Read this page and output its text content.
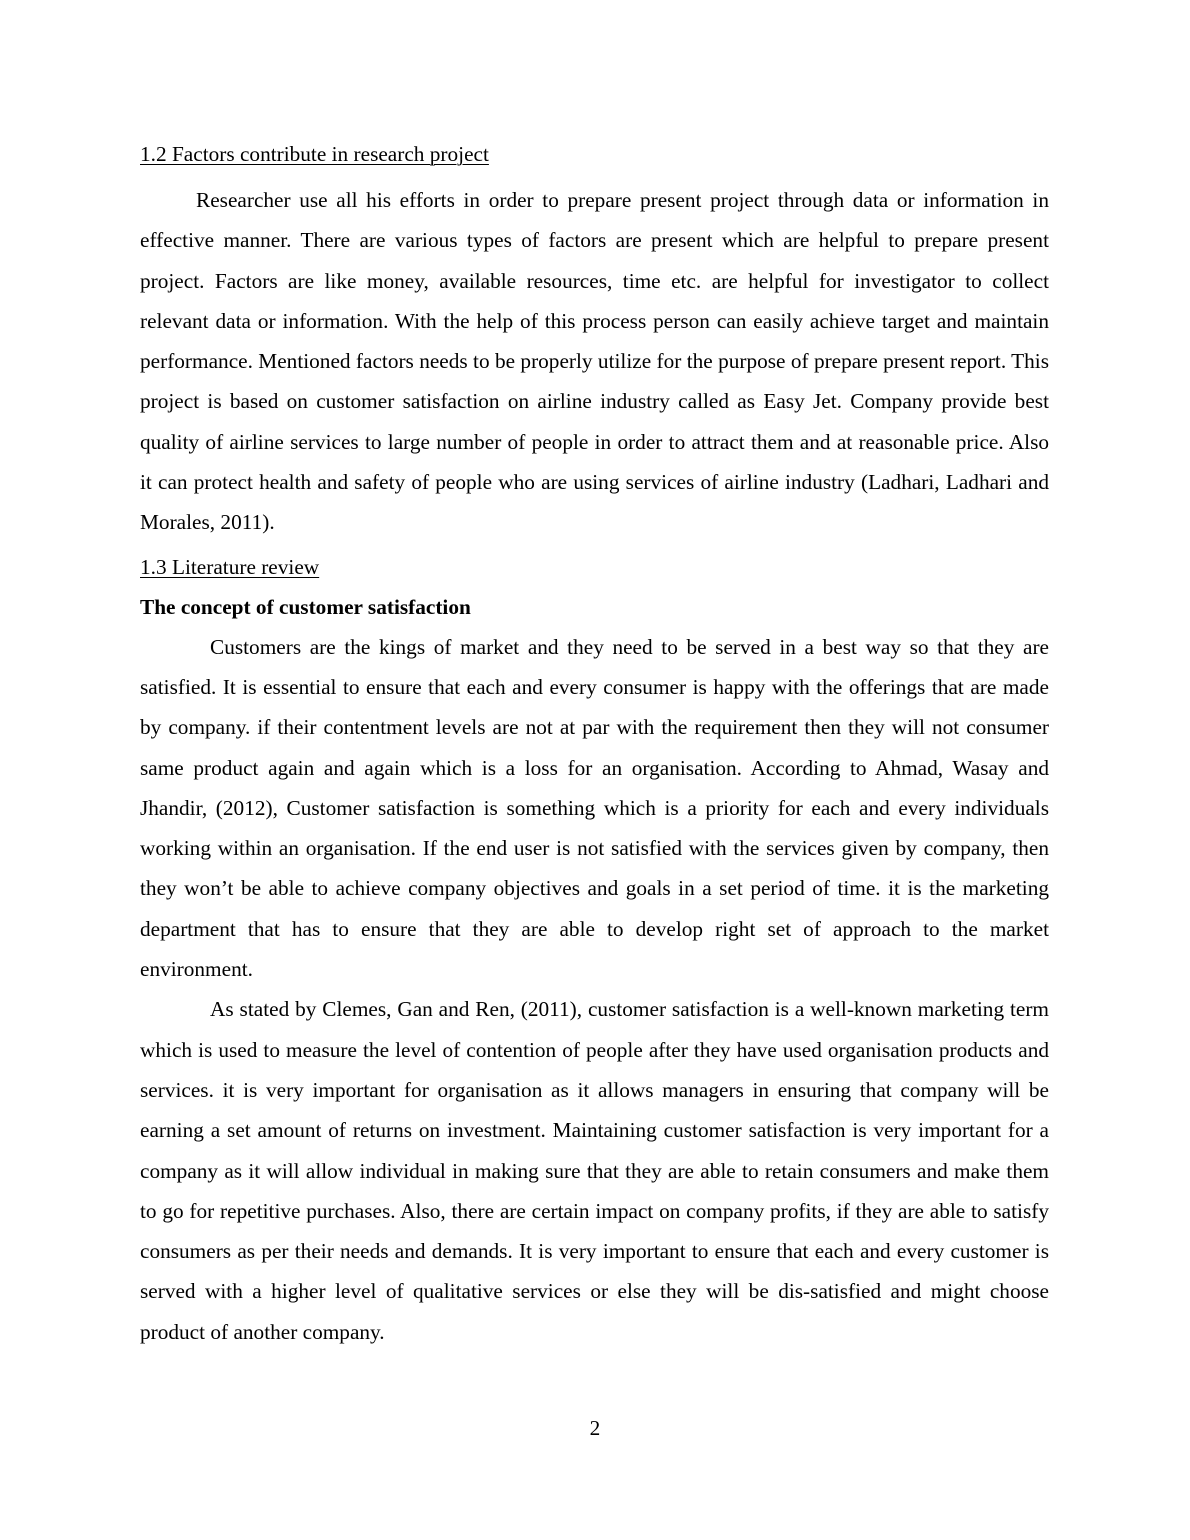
1.2 Factors contribute in research project

Researcher use all his efforts in order to prepare present project through data or information in effective manner. There are various types of factors are present which are helpful to prepare present project. Factors are like money, available resources, time etc. are helpful for investigator to collect relevant data or information. With the help of this process person can easily achieve target and maintain performance. Mentioned factors needs to be properly utilize for the purpose of prepare present report. This project is based on customer satisfaction on airline industry called as Easy Jet. Company provide best quality of airline services to large number of people in order to attract them and at reasonable price. Also it can protect health and safety of people who are using services of airline industry (Ladhari, Ladhari and Morales, 2011).

1.3 Literature review
The concept of customer satisfaction

Customers are the kings of market and they need to be served in a best way so that they are satisfied. It is essential to ensure that each and every consumer is happy with the offerings that are made by company. if their contentment levels are not at par with the requirement then they will not consumer same product again and again which is a loss for an organisation. According to Ahmad, Wasay and Jhandir, (2012), Customer satisfaction is something which is a priority for each and every individuals working within an organisation. If the end user is not satisfied with the services given by company, then they won’t be able to achieve company objectives and goals in a set period of time. it is the marketing department that has to ensure that they are able to develop right set of approach to the market environment.

As stated by Clemes, Gan and Ren, (2011), customer satisfaction is a well-known marketing term which is used to measure the level of contention of people after they have used organisation products and services. it is very important for organisation as it allows managers in ensuring that company will be earning a set amount of returns on investment. Maintaining customer satisfaction is very important for a company as it will allow individual in making sure that they are able to retain consumers and make them to go for repetitive purchases. Also, there are certain impact on company profits, if they are able to satisfy consumers as per their needs and demands. It is very important to ensure that each and every customer is served with a higher level of qualitative services or else they will be dis-satisfied and might choose product of another company.

2
